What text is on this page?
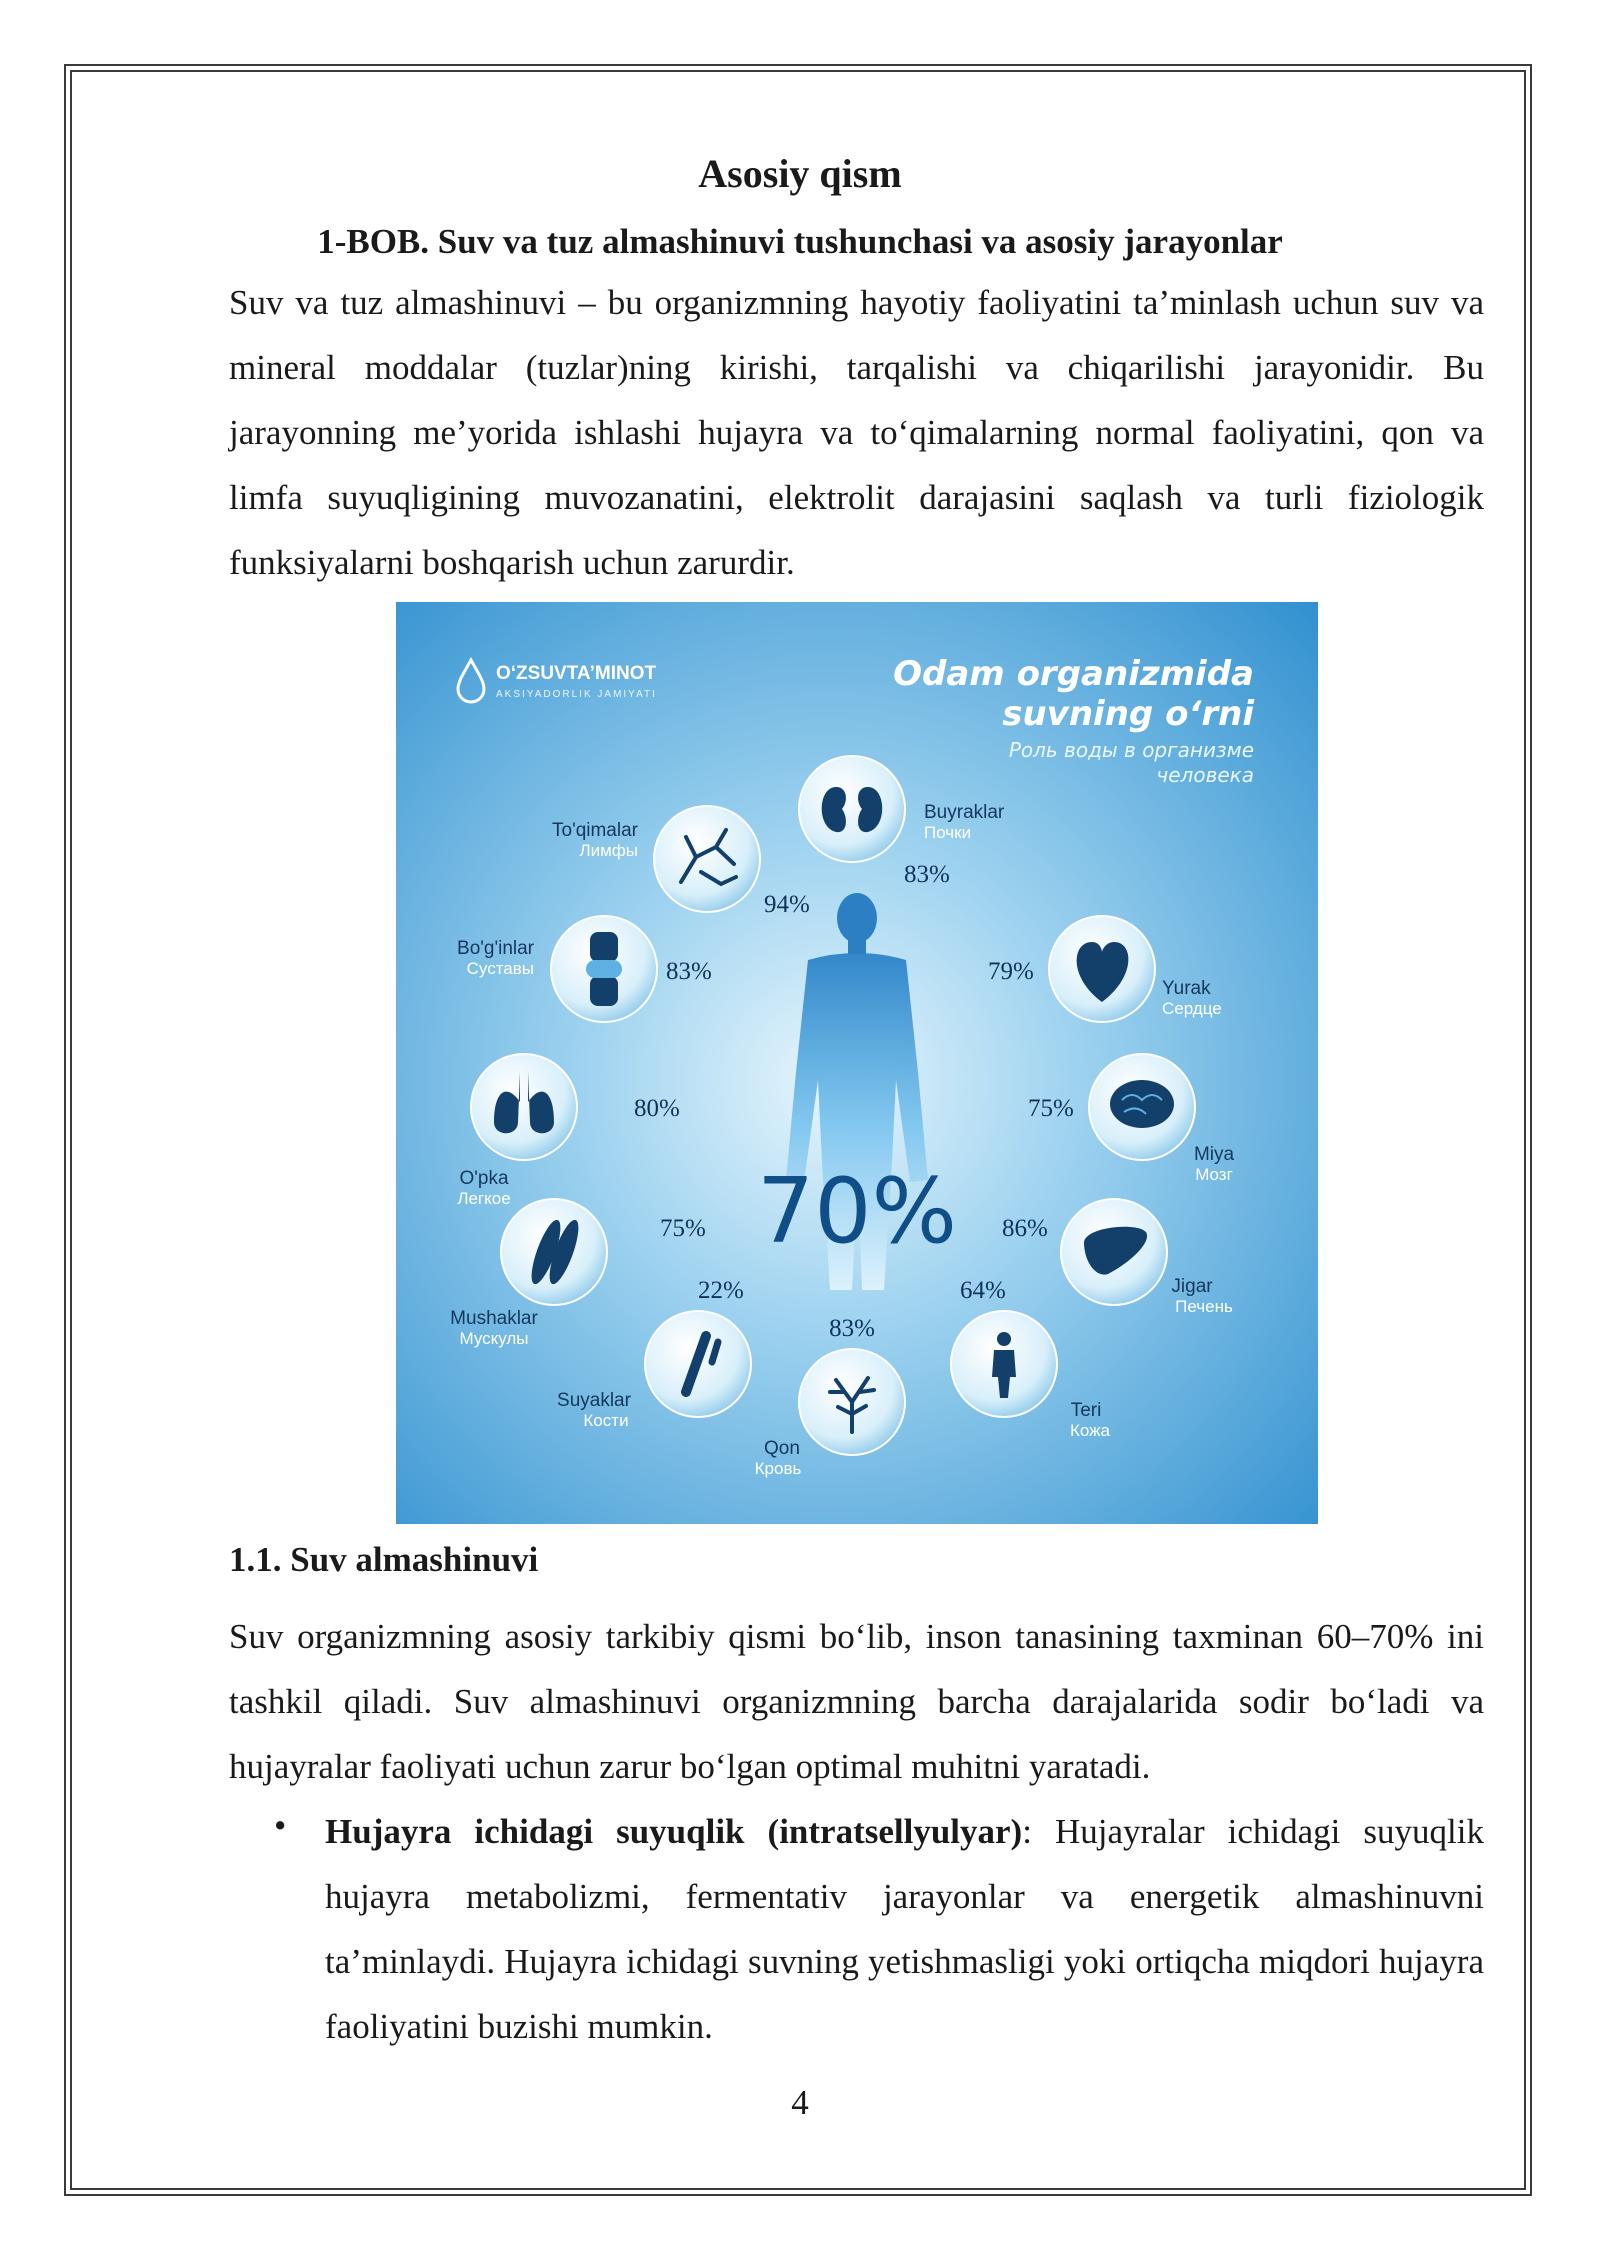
Asosiy qism
1-BOB. Suv va tuz almashinuvi tushunchasi va asosiy jarayonlar

Suv va tuz almashinuvi – bu organizmning hayotiy faoliyatini ta’minlash uchun suv va mineral moddalar (tuzlar)ning kirishi, tarqalishi va chiqarilishi jarayonidir. Bu jarayonning me’yorida ishlashi hujayra va to‘qimalarning normal faoliyatini, qon va limfa suyuqligining muvozanatini, elektrolit darajasini saqlash va turli fiziologik funksiyalarni boshqarish uchun zarurdir.

O‘ZSUVTA’MINOT
AKSIYADORLIK JAMIYATI
Odam organizmida
suvning o‘rni
Роль воды в организме
человека
70%
To'qimalar
Лимфы
94%
Buyraklar
Почки
83%
Bo'g'inlar
Суставы	83%
Yurak
Сердце
79%
O'pka
Легкое
80%
Miya
Мозг
75%
Mushaklar
Мускулы
75%
Jigar
Печень
86%
Suyaklar
Кости
22%
Teri
Кожа
64%
Qon
Кровь
83%
1.1. Suv almashinuvi

Suv organizmning asosiy tarkibiy qismi bo‘lib, inson tanasining taxminan 60–70% ini tashkil qiladi. Suv almashinuvi organizmning barcha darajalarida sodir bo‘ladi va hujayralar faoliyati uchun zarur bo‘lgan optimal muhitni yaratadi.

• Hujayra ichidagi suyuqlik (intratsellyulyar): Hujayralar ichidagi suyuqlik hujayra metabolizmi, fermentativ jarayonlar va energetik almashinuvni ta’minlaydi. Hujayra ichidagi suvning yetishmasligi yoki ortiqcha miqdori hujayra faoliyatini buzishi mumkin.

4
